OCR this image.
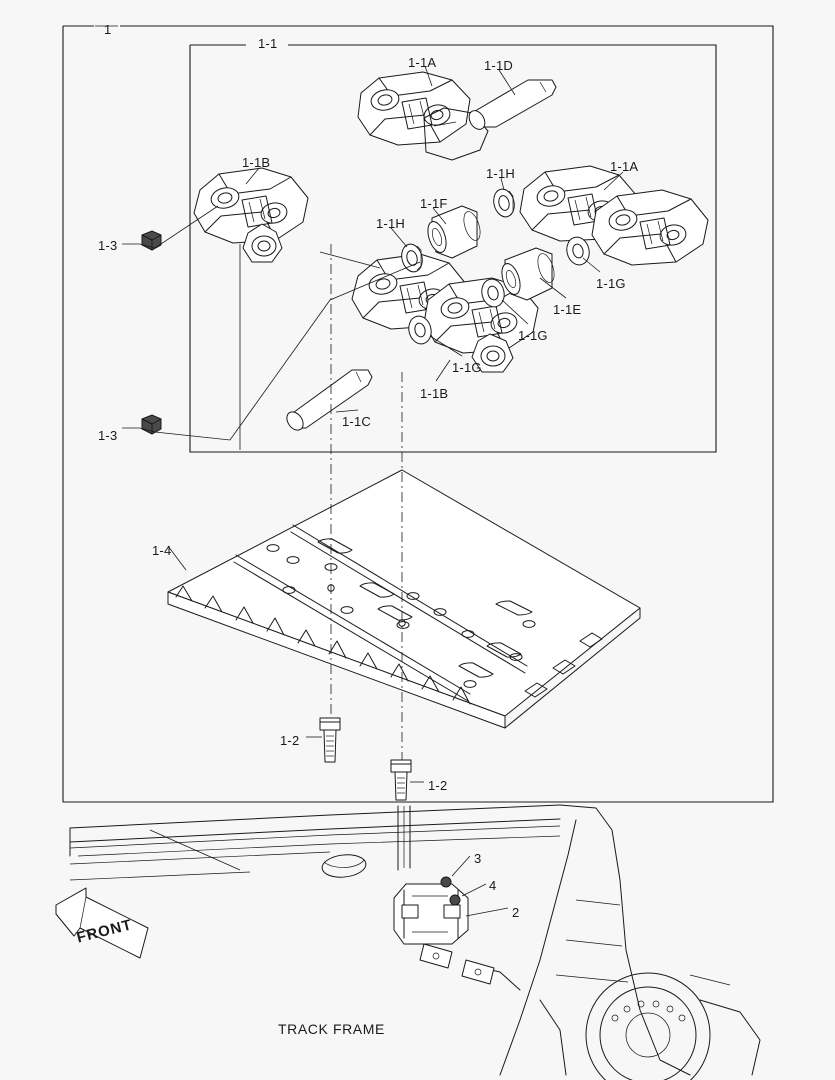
1
1-1
1-1A	1-1D
1-1B
1-1H	1-1A
1-1F
1-1H
1-3
1-1G
1-1E
1-1G
1-1G
1-1B
1-3
1-1C
1-4
1-2
1-2
3
4
2
TRACK FRAME
FRONT
